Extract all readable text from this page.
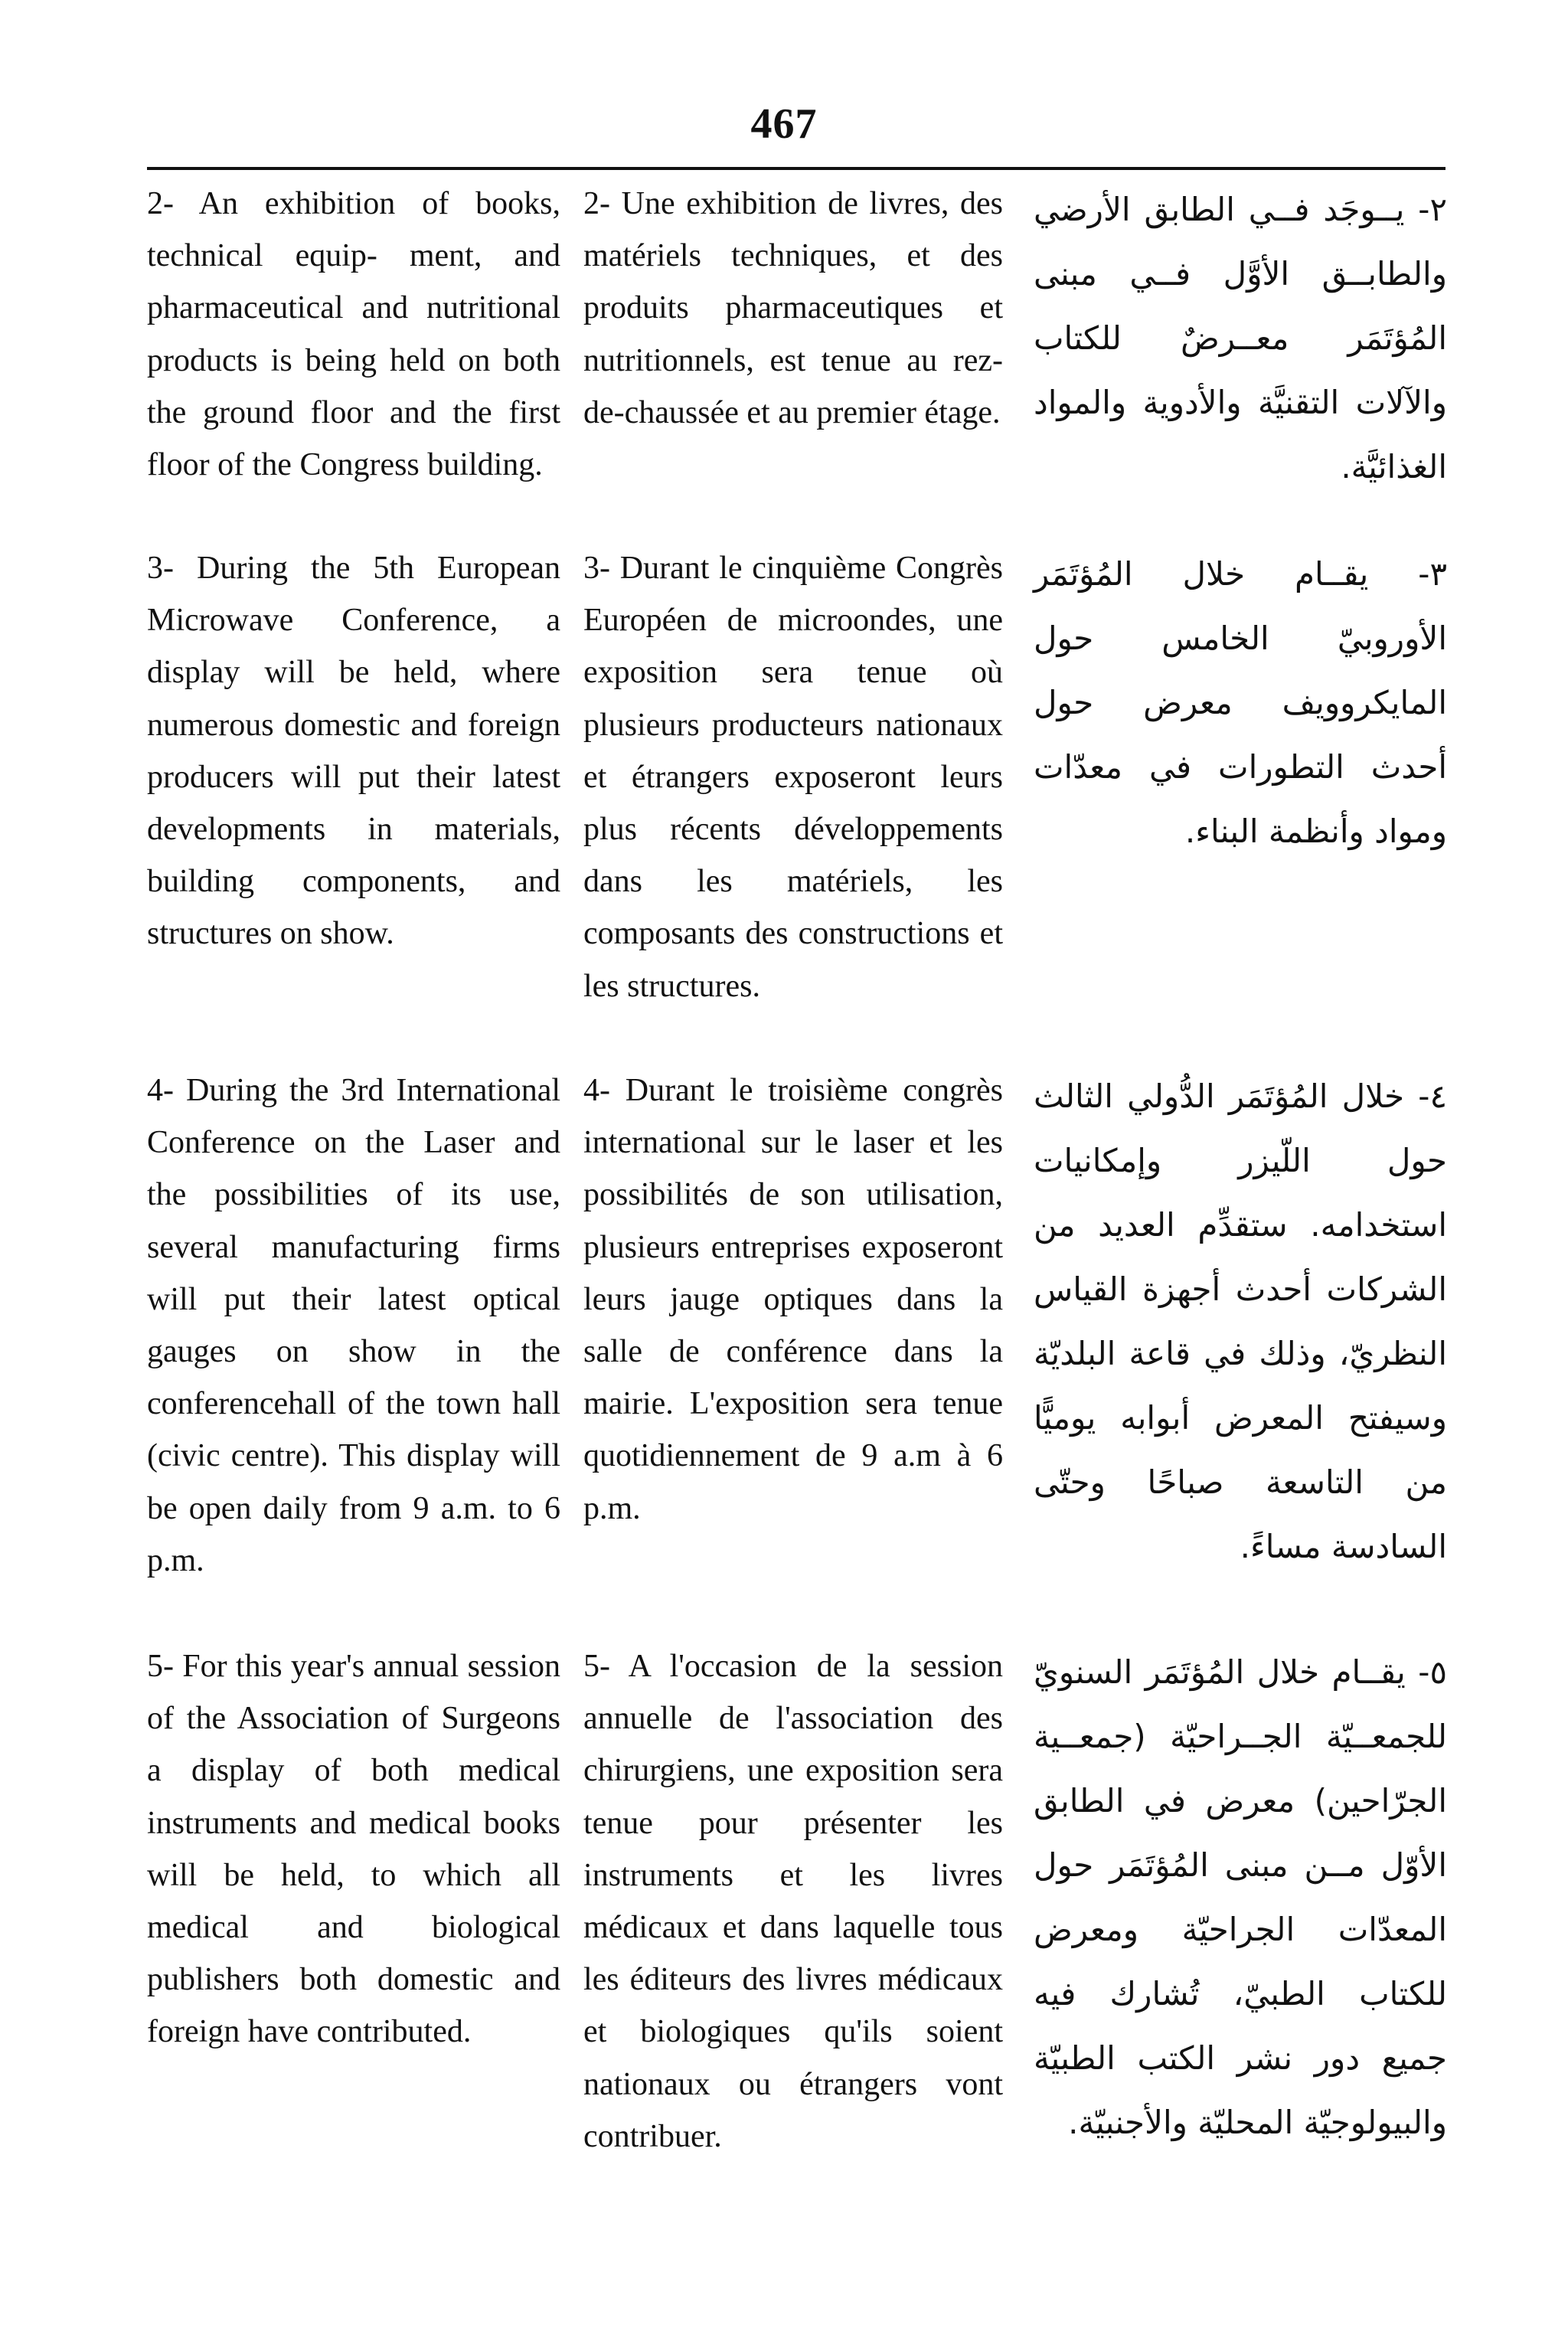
467

2- An exhibition of books, technical equip- ment, and pharmaceutical and nutritional products is being held on both the ground floor and the first floor of the Congress building.

3- During the 5th European Microwave Conference, a display will be held, where numerous domestic and foreign producers will put their latest developments in materials, building components, and structures on show.

4- During the 3rd International Conference on the Laser and the possibilities of its use, several manufacturing firms will put their latest optical gauges on show in the conferencehall of the town hall (civic centre). This display will be open daily from 9 a.m. to 6 p.m.

5- For this year's annual session of the Association of Surgeons a display of both medical instruments and medical books will be held, to which all medical and biological publishers both domestic and foreign have contributed.

2- Une exhibition de livres, des matériels techniques, et des produits pharmaceutiques et nutritionnels, est tenue au rez-de-chaussée et au premier étage.

3- Durant le cinquième Congrès Européen de microondes, une exposition sera tenue où plusieurs producteurs nationaux et étrangers exposeront leurs plus récents développements dans les matériels, les composants des constructions et les structures.

4- Durant le troisième congrès international sur le laser et les possibilités de son utilisation, plusieurs entreprises exposeront leurs jauge optiques dans la salle de conférence dans la mairie. L'exposition sera tenue quotidiennement de 9 a.m à 6 p.m.

5- A l'occasion de la session annuelle de l'association des chirurgiens, une exposition sera tenue pour présenter les instruments et les livres médicaux et dans laquelle tous les éditeurs des livres médicaux et biologiques qu'ils soient nationaux ou étrangers vont contribuer.

٢- يــوجَد فــي الطابق الأرضي والطابــق الأوَّل فــي مبنى المُؤتَمَر معــرضٌ للكتاب والآلات التقنيَّة والأدوية والمواد الغذائيَّة.

٣- يقــام خلال المُؤتَمَر الأوروبيّ الخامس حول المايكروويف معرض حول أحدث التطورات في معدّات ومواد وأنظمة البناء.

٤- خلال المُؤتَمَر الدُّولي الثالث حول اللّيزر وإمكانيات استخدامه. ستقدِّم العديد من الشركات أحدث أجهزة القياس النظريّ، وذلك في قاعة البلديّة وسيفتح المعرض أبوابه يوميًّا من التاسعة صباحًا وحتّى السادسة مساءً.

٥- يقــام خلال المُؤتَمَر السنويّ للجمعــيّة الجــراحيّة (جمعــية الجرّاحين) معرض في الطابق الأوّل مــن مبنى المُؤتَمَر حول المعدّات الجراحيّة ومعرض للكتاب الطبيّ، تُشارك فيه جميع دور نشر الكتب الطبيّة والبيولوجيّة المحليّة والأجنبيّة.
